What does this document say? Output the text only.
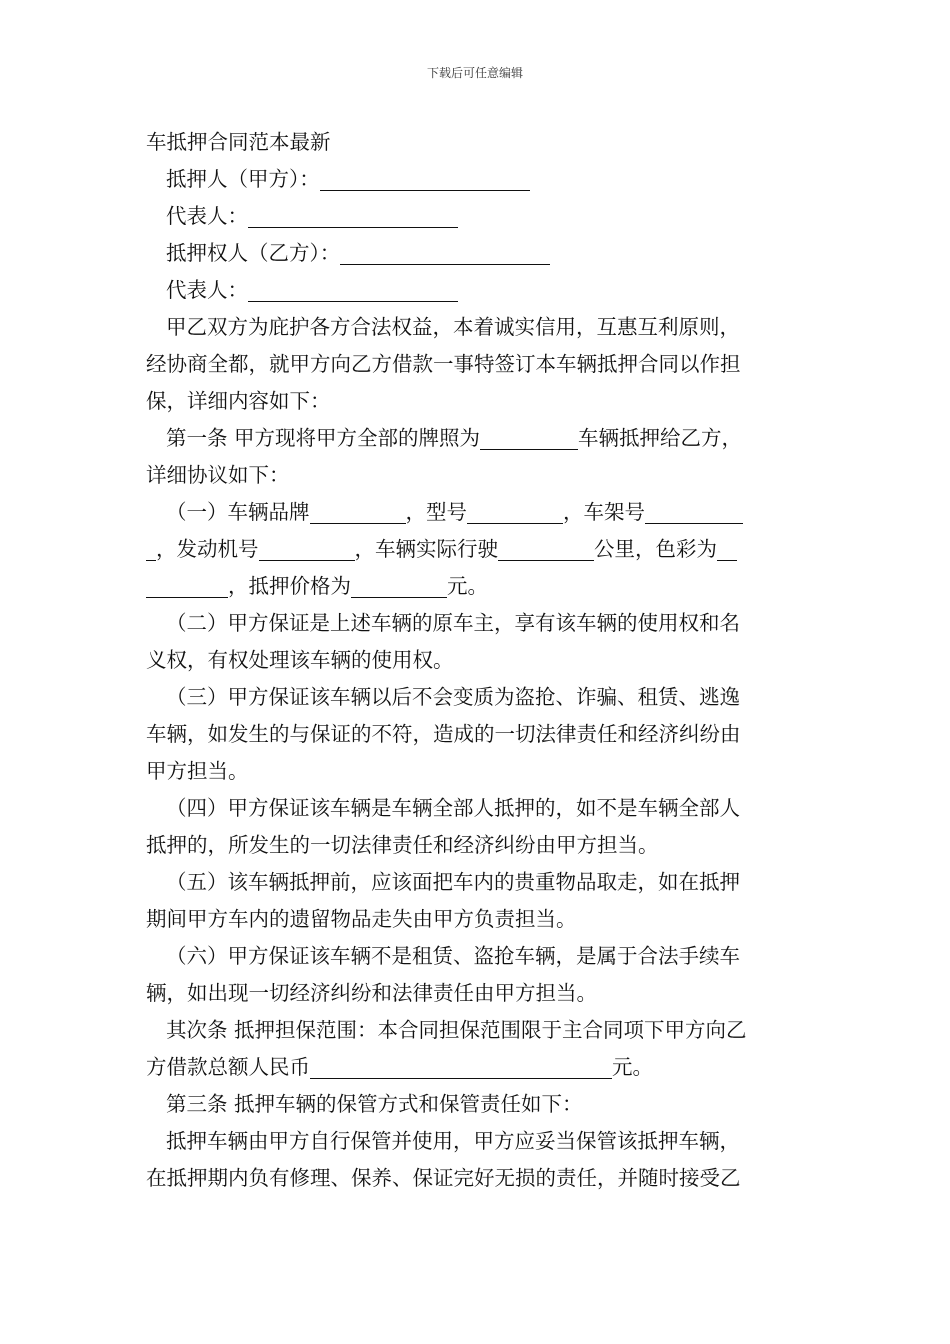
下载后可任意编辑
车抵押合同范本最新
抵押人（甲方）：
代表人：
抵押权人（乙方）：
代表人：
甲乙双方为庇护各方合法权益，本着诚实信用，互惠互利原则，
经协商全都，就甲方向乙方借款一事特签订本车辆抵押合同以作担
保，详细内容如下：
第一条 甲方现将甲方全部的牌照为	车辆抵押给乙方，
详细协议如下：
（一）车辆品牌	，型号	，车架号
，发动机号	，车辆实际行驶	公里，色彩为
，抵押价格为	元。
（二）甲方保证是上述车辆的原车主，享有该车辆的使用权和名
义权，有权处理该车辆的使用权。
（三）甲方保证该车辆以后不会变质为盗抢、诈骗、租赁、逃逸
车辆，如发生的与保证的不符，造成的一切法律责任和经济纠纷由
甲方担当。
（四）甲方保证该车辆是车辆全部人抵押的，如不是车辆全部人
抵押的，所发生的一切法律责任和经济纠纷由甲方担当。
（五）该车辆抵押前，应该面把车内的贵重物品取走，如在抵押
期间甲方车内的遗留物品走失由甲方负责担当。
（六）甲方保证该车辆不是租赁、盗抢车辆，是属于合法手续车
辆，如出现一切经济纠纷和法律责任由甲方担当。
其次条 抵押担保范围：本合同担保范围限于主合同项下甲方向乙
方借款总额人民币	元。
第三条 抵押车辆的保管方式和保管责任如下：
抵押车辆由甲方自行保管并使用，甲方应妥当保管该抵押车辆，
在抵押期内负有修理、保养、保证完好无损的责任，并随时接受乙
